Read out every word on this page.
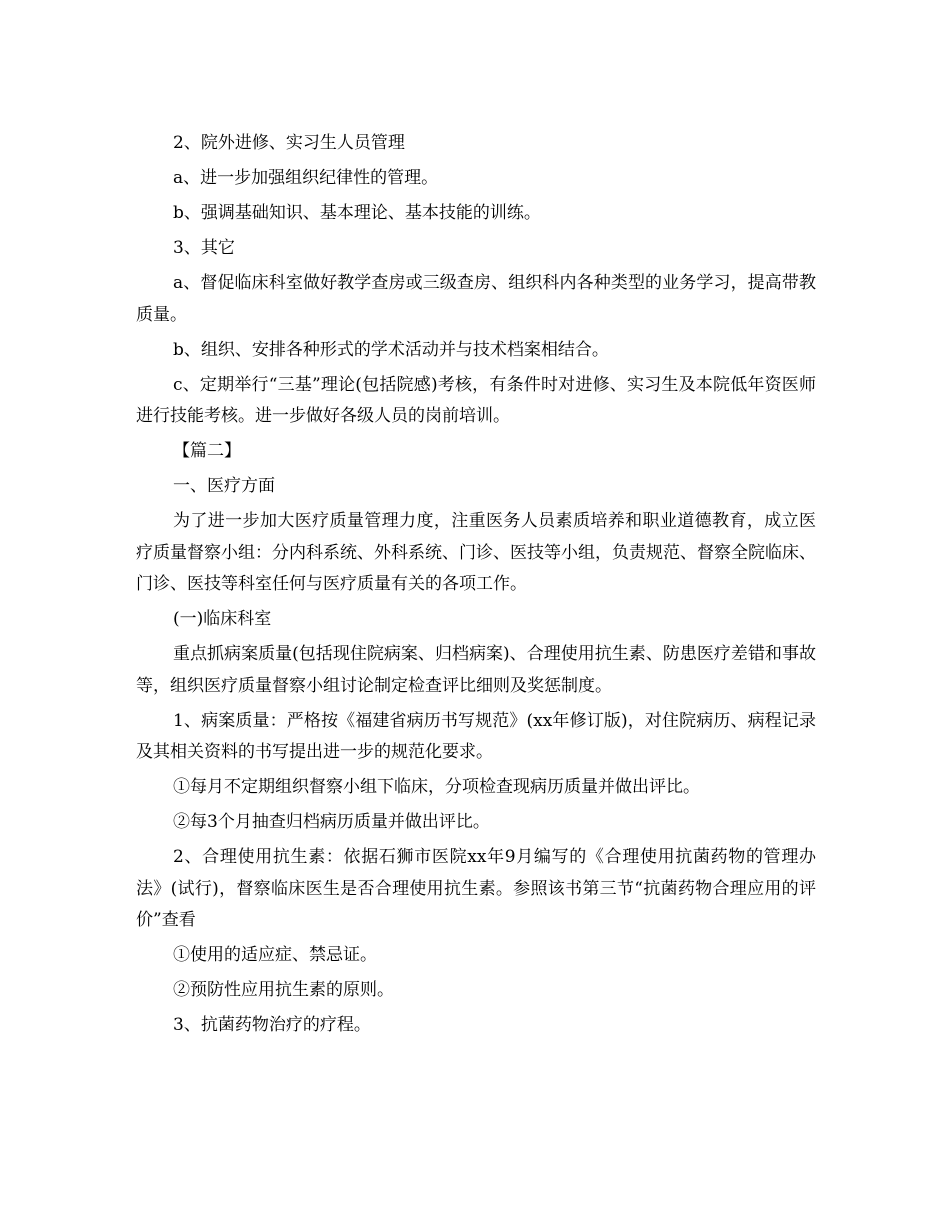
2、院外进修、实习生人员管理

a、进一步加强组织纪律性的管理。

b、强调基础知识、基本理论、基本技能的训练。

3、其它

a、督促临床科室做好教学查房或三级查房、组织科内各种类型的业务学习，提高带教质量。

b、组织、安排各种形式的学术活动并与技术档案相结合。

c、定期举行“三基”理论(包括院感)考核，有条件时对进修、实习生及本院低年资医师进行技能考核。进一步做好各级人员的岗前培训。

【篇二】

一、医疗方面

为了进一步加大医疗质量管理力度，注重医务人员素质培养和职业道德教育，成立医疗质量督察小组：分内科系统、外科系统、门诊、医技等小组，负责规范、督察全院临床、门诊、医技等科室任何与医疗质量有关的各项工作。

(一)临床科室

重点抓病案质量(包括现住院病案、归档病案)、合理使用抗生素、防患医疗差错和事故等，组织医疗质量督察小组讨论制定检查评比细则及奖惩制度。

1、病案质量：严格按《福建省病历书写规范》(xx年修订版)，对住院病历、病程记录及其相关资料的书写提出进一步的规范化要求。

①每月不定期组织督察小组下临床，分项检查现病历质量并做出评比。

②每3个月抽查归档病历质量并做出评比。

2、合理使用抗生素：依据石狮市医院xx年9月编写的《合理使用抗菌药物的管理办法》(试行)，督察临床医生是否合理使用抗生素。参照该书第三节“抗菌药物合理应用的评价”查看

①使用的适应症、禁忌证。

②预防性应用抗生素的原则。

3、抗菌药物治疗的疗程。
